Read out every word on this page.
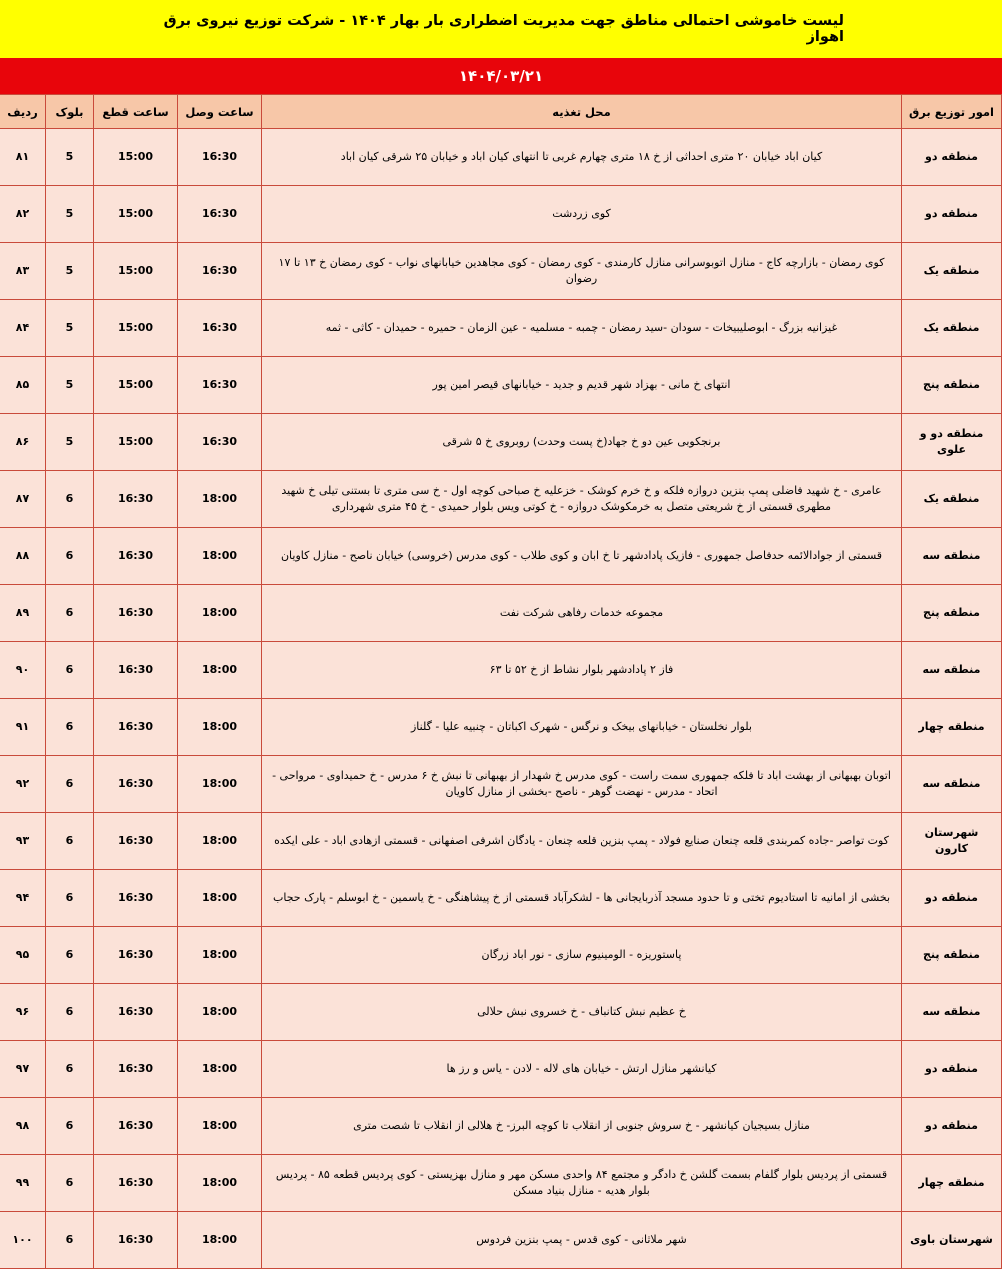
لیست خاموشی احتمالی مناطق جهت مدیریت اضطراری بار بهار ۱۴۰۴ - شرکت توزیع نیروی برق اهواز
۱۴۰۴/۰۳/۲۱
امور توزیع برق	محل تغذیه	ساعت وصل	ساعت قطع	بلوک	ردیف
منطقه دو	کیان اباد خیابان ۲۰ متری احداثی از خ ۱۸ متری چهارم غربی تا انتهای کیان اباد و خیابان ۲۵ شرقی کیان اباد	16:30	15:00	5	۸۱
منطقه دو	کوی زردشت	16:30	15:00	5	۸۲
منطقه یک	کوی رمضان - بازارچه کاج - منازل اتوبوسرانی منازل کارمندی - کوی رمضان - کوی مجاهدین خیابانهای نواب - کوی رمضان خ ۱۳ تا ۱۷ رضوان	16:30	15:00	5	۸۳
منطقه یک	غیزانیه بزرگ - ابوصلیبیخات - سودان -سید رمضان - چمبه - مسلمیه - عین الزمان - حمیره - حمیدان - کاثی - ثمه	16:30	15:00	5	۸۴
منطقه پنج	انتهای خ مانی - بهزاد شهر قدیم و جدید - خیابانهای قیصر امین پور	16:30	15:00	5	۸۵
منطقه دو و علوی	برنجکوبی عین دو خ جهاد(خ پست وحدت) روبروی خ ۵ شرقی	16:30	15:00	5	۸۶
منطقه یک	عامری - خ شهید فاضلی پمپ بنزین دروازه فلکه و خ خرم کوشک - خزعلیه خ صباحی کوچه اول - خ سی متری تا بستنی تیلی خ شهید مطهری قسمتی از خ شریعتی متصل به خرمکوشک دروازه - خ کوتی ویس بلوار حمیدی - خ ۴۵ متری شهرداری	18:00	16:30	6	۸۷
منطقه سه	قسمتی از جوادالائمه حدفاصل جمهوری - فازیک پادادشهر تا خ ابان و کوی طلاب - کوی مدرس (خروسی) خیابان ناصح - منازل کاویان	18:00	16:30	6	۸۸
منطقه پنج	مجموعه خدمات رفاهی شرکت نفت	18:00	16:30	6	۸۹
منطقه سه	فاز ۲ پادادشهر بلوار نشاط از خ ۵۲ تا ۶۳	18:00	16:30	6	۹۰
منطقه چهار	بلوار نخلستان - خیابانهای بیخک و نرگس - شهرک اکباتان - چنبیه علیا - گلناز	18:00	16:30	6	۹۱
منطقه سه	اتوبان بهبهانی از بهشت اباد تا فلکه جمهوری سمت راست - کوی مدرس خ شهدار از بهبهانی تا نبش خ ۶ مدرس - خ حمیداوی - مرواحی - اتحاد - مدرس - نهضت گوهر - ناصح -بخشی از منازل کاویان	18:00	16:30	6	۹۲
شهرستان کارون	کوت تواصر -جاده کمربندی قلعه چنعان صنایع فولاد - پمپ بنزین قلعه چنعان - یادگان اشرفی اصفهانی - قسمتی ازهادی اباد - علی ایکده	18:00	16:30	6	۹۳
منطقه دو	بخشی از امانیه تا استادیوم تختی و تا حدود مسجد آذربایجانی ها - لشکرآباد قسمتی از خ پیشاهنگی - خ یاسمین - خ ابوسلم - پارک حجاب	18:00	16:30	6	۹۴
منطقه پنج	پاستوریزه - الومینیوم سازی - نور اباد زرگان	18:00	16:30	6	۹۵
منطقه سه	خ عظیم نبش کتانباف - خ خسروی نبش حلالی	18:00	16:30	6	۹۶
منطقه دو	کیانشهر منازل ارتش - خیابان های لاله - لادن - یاس و رز ها	18:00	16:30	6	۹۷
منطقه دو	منازل بسیجیان کیانشهر - خ سروش جنوبی از انقلاب تا کوچه البرز- خ هلالی از انقلاب تا شصت متری	18:00	16:30	6	۹۸
منطقه چهار	قسمتی از پردیس بلوار گلفام بسمت گلشن خ دادگر و مجتمع ۸۴ واحدی مسکن مهر و منازل بهزیستی - کوی پردیس قطعه ۸۵ - پردیس بلوار هدیه - منازل بنیاد مسکن	18:00	16:30	6	۹۹
شهرستان باوی	شهر ملاثانی - کوی قدس - پمپ بنزین فردوس	18:00	16:30	6	۱۰۰
